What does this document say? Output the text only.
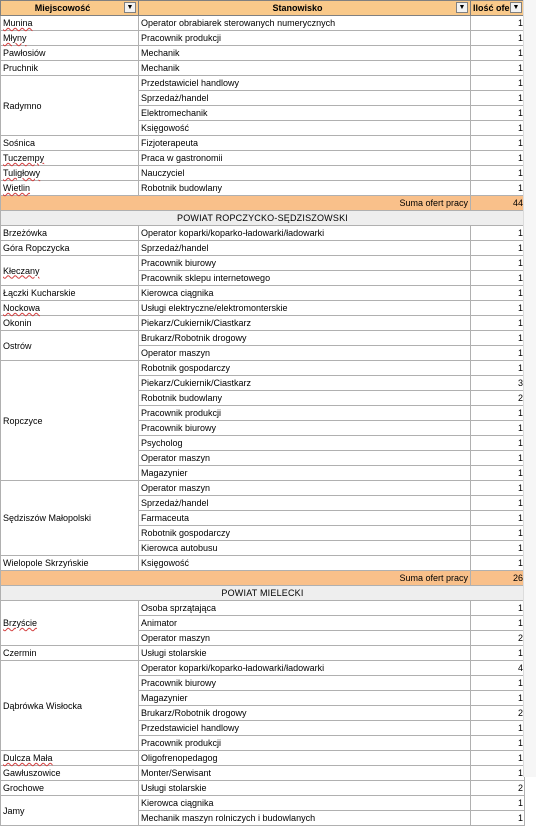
Miejscowość ▼	Stanowisko ▼	Ilość ofe ▼

Munina	Operator obrabiarek sterowanych numerycznych	1
Młyny	Pracownik produkcji	1
Pawłosiów	Mechanik	1
Pruchnik	Mechanik	1
Radymno	Przedstawiciel handlowy	1
	Sprzedaż/handel	1
	Elektromechanik	1
	Księgowość	1
Sośnica	Fizjoterapeuta	1
Tuczempy	Praca w gastronomii	1
Tuligłowy	Nauczyciel	1
Wietlin	Robotnik budowlany	1
Suma ofert pracy		44
POWIAT ROPCZYCKO-SĘDZISZOWSKI		
Brzeżówka	Operator koparki/koparko-ładowarki/ładowarki	1
Góra Ropczycka	Sprzedaż/handel	1
Kłeczany	Pracownik biurowy	1
	Pracownik sklepu internetowego	1
Łączki Kucharskie	Kierowca ciągnika	1
Nockowa	Usługi elektryczne/elektromonterskie	1
Okonin	Piekarz/Cukiernik/Ciastkarz	1
Ostrów	Brukarz/Robotnik drogowy	1
	Operator maszyn	1
Ropczyce	Robotnik gospodarczy	1
	Piekarz/Cukiernik/Ciastkarz	3
	Robotnik budowlany	2
	Pracownik produkcji	1
	Pracownik biurowy	1
	Psycholog	1
	Operator maszyn	1
	Magazynier	1
Sędziszów Małopolski	Operator maszyn	1
	Sprzedaż/handel	1
	Farmaceuta	1
	Robotnik gospodarczy	1
	Kierowca autobusu	1
Wielopole Skrzyńskie	Księgowość	1
Suma ofert pracy		26
POWIAT MIELECKI		
Brzyście	Osoba sprzątająca	1
	Animator	1
	Operator maszyn	2
Czermin	Usługi stolarskie	1
Dąbrówka Wisłocka	Operator koparki/koparko-ładowarki/ładowarki	4
	Pracownik biurowy	1
	Magazynier	1
	Brukarz/Robotnik drogowy	2
	Przedstawiciel handlowy	1
	Pracownik produkcji	1
Dulcza Mała	Oligofrenopedagog	1
Gawłuszowice	Monter/Serwisant	1
Grochowe	Usługi stolarskie	2
Jamy	Kierowca ciągnika	1
	Mechanik maszyn rolniczych i budowlanych	1
